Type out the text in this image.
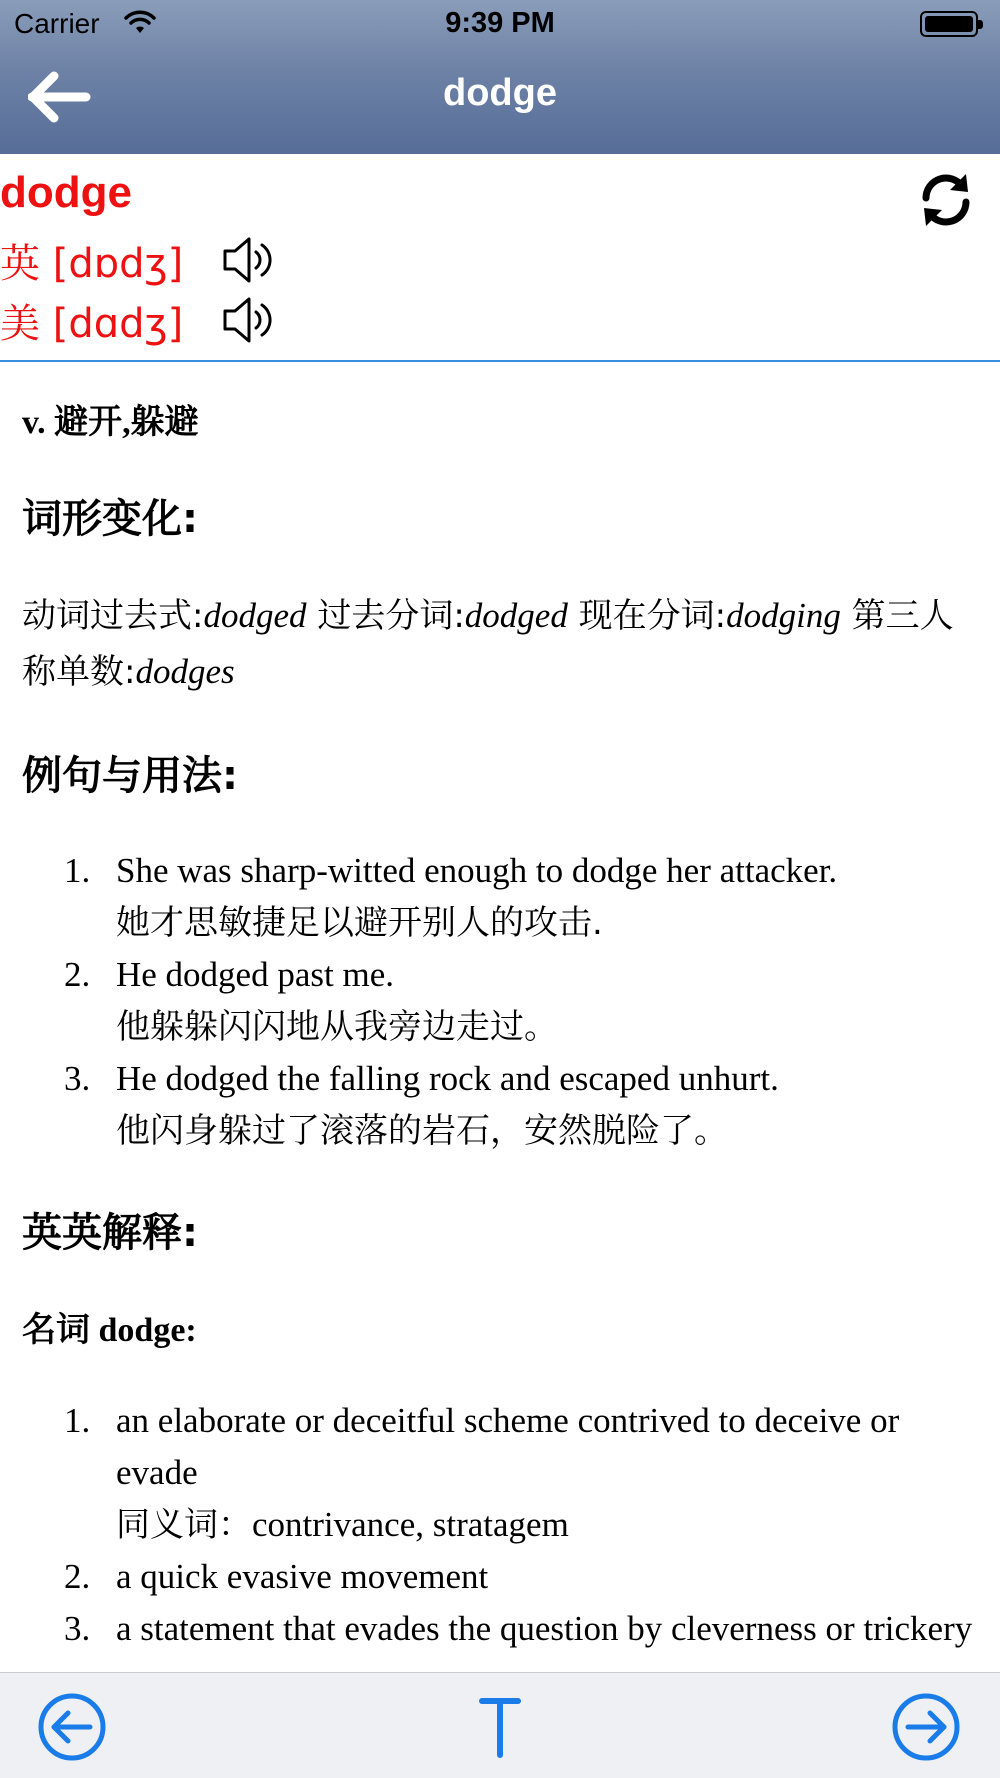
Carrier	9:39 PM
dodge
dodge
英 [dɒdʒ]
美 [dɑdʒ]
v. 避开,躲避
词形变化:
动词过去式:dodged 过去分词:dodged 现在分词:dodging 第三人称单数:dodges
例句与用法:
1. She was sharp-witted enough to dodge her attacker.
她才思敏捷足以避开别人的攻击.
2. He dodged past me.
他躲躲闪闪地从我旁边走过。
3. He dodged the falling rock and escaped unhurt.
他闪身躲过了滚落的岩石，安然脱险了。
英英解释:
名词 dodge:
1. an elaborate or deceitful scheme contrived to deceive or evade
同义词：contrivance, stratagem
2. a quick evasive movement
3. a statement that evades the question by cleverness or trickery
